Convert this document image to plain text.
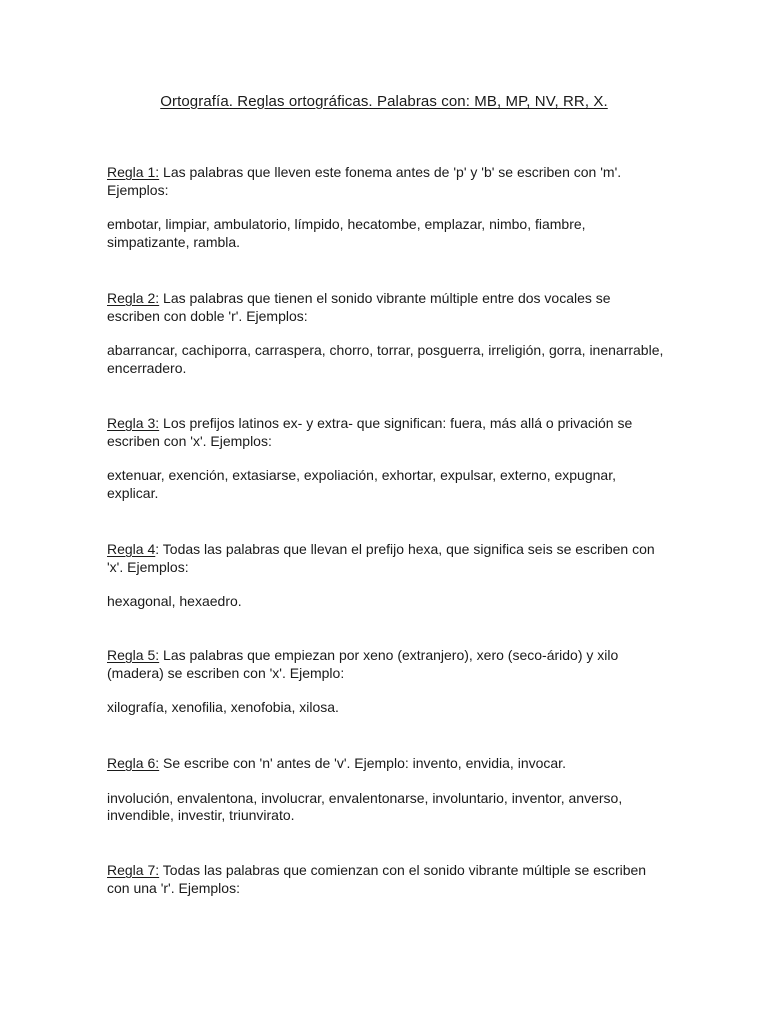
Ortografía. Reglas ortográficas. Palabras con: MB, MP, NV, RR, X.

Regla 1: Las palabras que lleven este fonema antes de 'p' y 'b' se escriben con 'm'. Ejemplos:

embotar, limpiar, ambulatorio, límpido, hecatombe, emplazar, nimbo, fiambre, simpatizante, rambla.

Regla 2: Las palabras que tienen el sonido vibrante múltiple entre dos vocales se escriben con doble 'r'. Ejemplos:

abarrancar, cachiporra, carraspera, chorro, torrar, posguerra, irreligión, gorra, inenarrable, encerradero.

Regla 3: Los prefijos latinos ex- y extra- que significan: fuera, más allá o privación se escriben con 'x'. Ejemplos:

extenuar, exención, extasiarse, expoliación, exhortar, expulsar, externo, expugnar, explicar.

Regla 4: Todas las palabras que llevan el prefijo hexa, que significa seis se escriben con 'x'. Ejemplos:

hexagonal, hexaedro.

Regla 5: Las palabras que empiezan por xeno (extranjero), xero (seco-árido) y xilo (madera) se escriben con 'x'. Ejemplo:

xilografía, xenofilia, xenofobia, xilosa.

Regla 6: Se escribe con 'n' antes de 'v'. Ejemplo: invento, envidia, invocar.

involución, envalentona, involucrar, envalentonarse, involuntario, inventor, anverso, invendible, investir, triunvirato.

Regla 7: Todas las palabras que comienzan con el sonido vibrante múltiple se escriben con una 'r'. Ejemplos:
